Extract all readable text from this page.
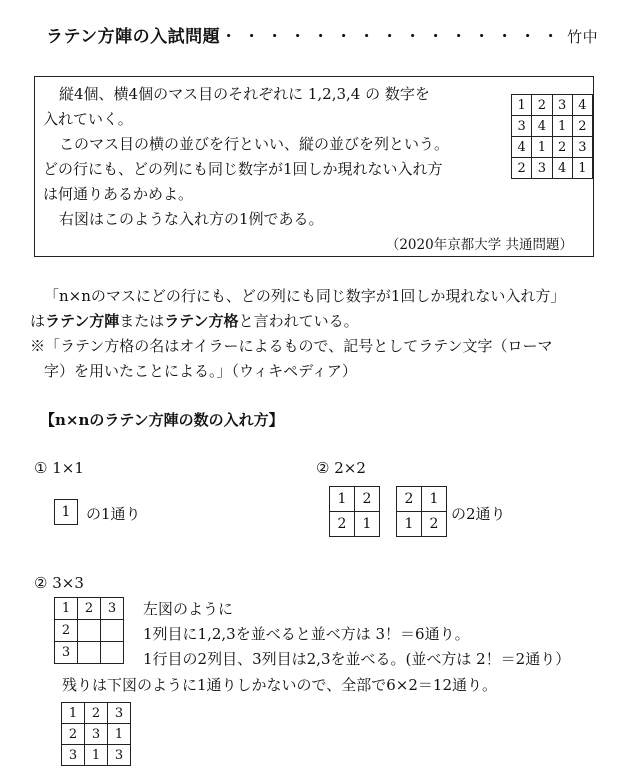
ラテン方陣の入試問題・・・・・・・・・・・・・・・ 竹中
縦4個、横4個のマス目のそれぞれに 1,2,3,4 の 数字を
入れていく。
このマス目の横の並びを行といい、縦の並びを列という。
どの行にも、どの列にも同じ数字が1回しか現れない入れ方
は何通りあるかめよ。
右図はこのような入れ方の1例である。
（2020年京都大学 共通問題）
1	2	3	4
3	4	1	2
4	1	2	3
2	3	4	1
「n×nのマスにどの行にも、どの列にも同じ数字が1回しか現れない入れ方」
はラテン方陣またはラテン方格と言われている。
※「ラテン方格の名はオイラーによるもので、記号としてラテン文字（ローマ
字）を用いたことによる。」（ウィキペディア）
【n×nのラテン方陣の数の入れ方】
① 1×1
1 の1通り
② 2×2
1	2
2	1
2	1
1	2
の2通り
② 3×3
1	2	3
2		
3		
左図のように
1列目に1,2,3を並べると並べ方は 3！＝6通り。
1行目の2列目、3列目は2,3を並べる。(並べ方は 2！＝2通り）
残りは下図のように1通りしかないので、全部で6×2＝12通り。
1	2	3
2	3	1
3	1	3
